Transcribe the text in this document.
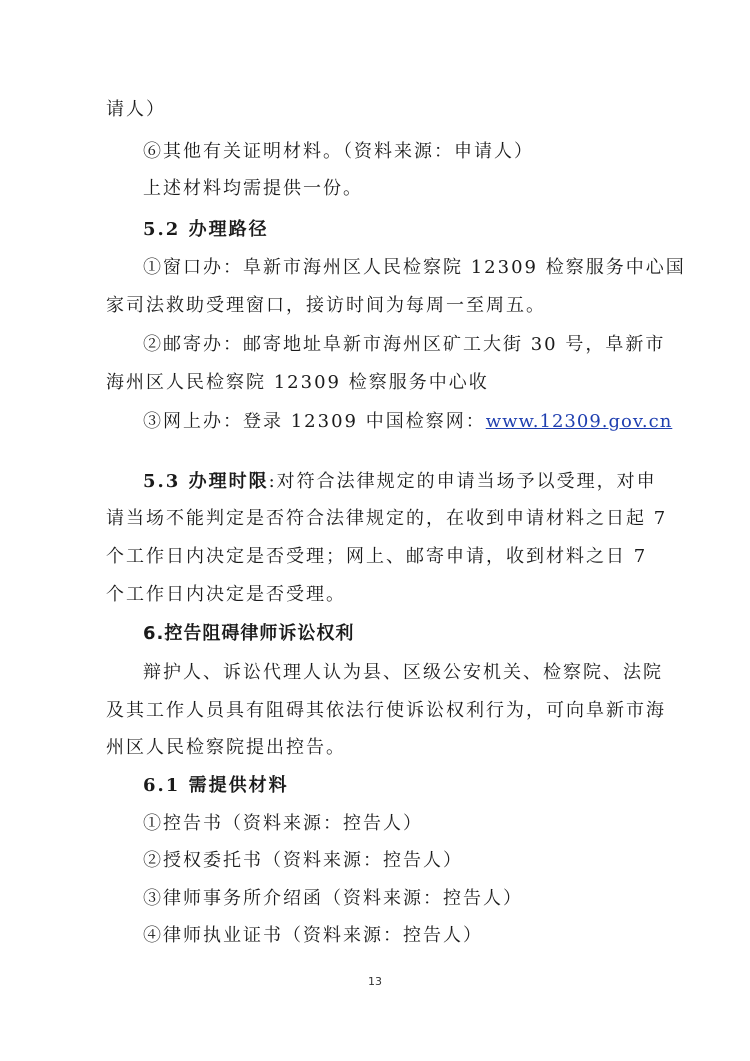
请人）
⑥其他有关证明材料。（资料来源：申请人）
上述材料均需提供一份。
5.2 办理路径
①窗口办：阜新市海州区人民检察院 12309 检察服务中心国
家司法救助受理窗口，接访时间为每周一至周五。
②邮寄办：邮寄地址阜新市海州区矿工大街 30 号，阜新市
海州区人民检察院 12309 检察服务中心收
③网上办：登录 12309 中国检察网：www.12309.gov.cn
5.3 办理时限:对符合法律规定的申请当场予以受理，对申
请当场不能判定是否符合法律规定的，在收到申请材料之日起 7
个工作日内决定是否受理；网上、邮寄申请，收到材料之日 7
个工作日内决定是否受理。
6.控告阻碍律师诉讼权利
辩护人、诉讼代理人认为县、区级公安机关、检察院、法院
及其工作人员具有阻碍其依法行使诉讼权利行为，可向阜新市海
州区人民检察院提出控告。
6.1 需提供材料
①控告书（资料来源：控告人）
②授权委托书（资料来源：控告人）
③律师事务所介绍函（资料来源：控告人）
④律师执业证书（资料来源：控告人）
13
